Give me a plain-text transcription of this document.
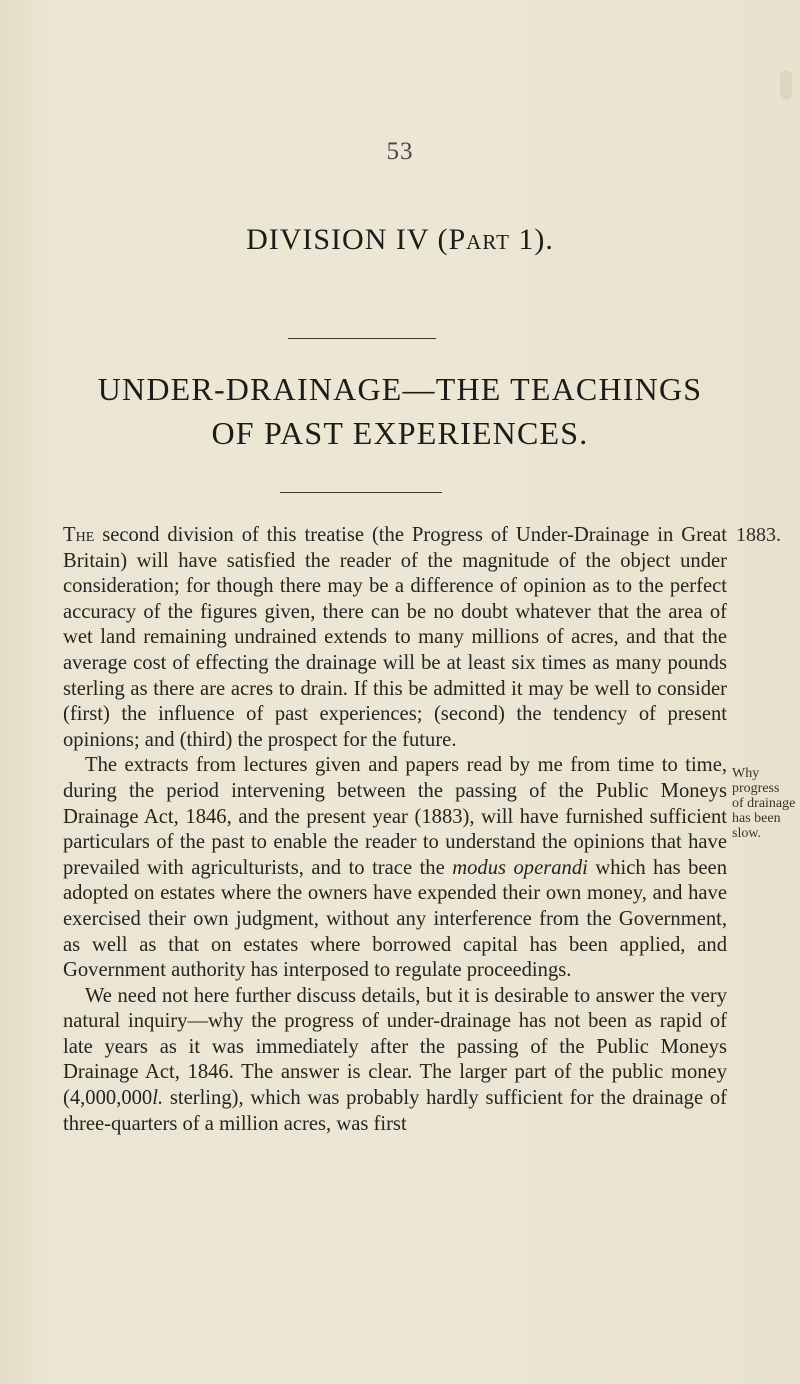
53
DIVISION IV (Part 1).
UNDER-DRAINAGE—THE TEACHINGS
OF PAST EXPERIENCES.
1883.
Why progress
of drainage
has been slow.

The second division of this treatise (the Progress of Under-Drainage in Great Britain) will have satisfied the reader of the magnitude of the object under consideration; for though there may be a difference of opinion as to the perfect accuracy of the figures given, there can be no doubt whatever that the area of wet land remaining undrained extends to many millions of acres, and that the average cost of effecting the drainage will be at least six times as many pounds sterling as there are acres to drain. If this be admitted it may be well to consider (first) the influence of past experiences; (second) the tendency of present opinions; and (third) the prospect for the future.

The extracts from lectures given and papers read by me from time to time, during the period intervening between the passing of the Public Moneys Drainage Act, 1846, and the present year (1883), will have furnished sufficient particulars of the past to enable the reader to understand the opinions that have prevailed with agriculturists, and to trace the modus operandi which has been adopted on estates where the owners have expended their own money, and have exercised their own judgment, without any interference from the Government, as well as that on estates where borrowed capital has been applied, and Government authority has interposed to regulate proceedings.

We need not here further discuss details, but it is desirable to answer the very natural inquiry—why the progress of under-drainage has not been as rapid of late years as it was immediately after the passing of the Public Moneys Drainage Act, 1846. The answer is clear. The larger part of the public money (4,000,000l. sterling), which was probably hardly sufficient for the drainage of three-quarters of a million acres, was first
